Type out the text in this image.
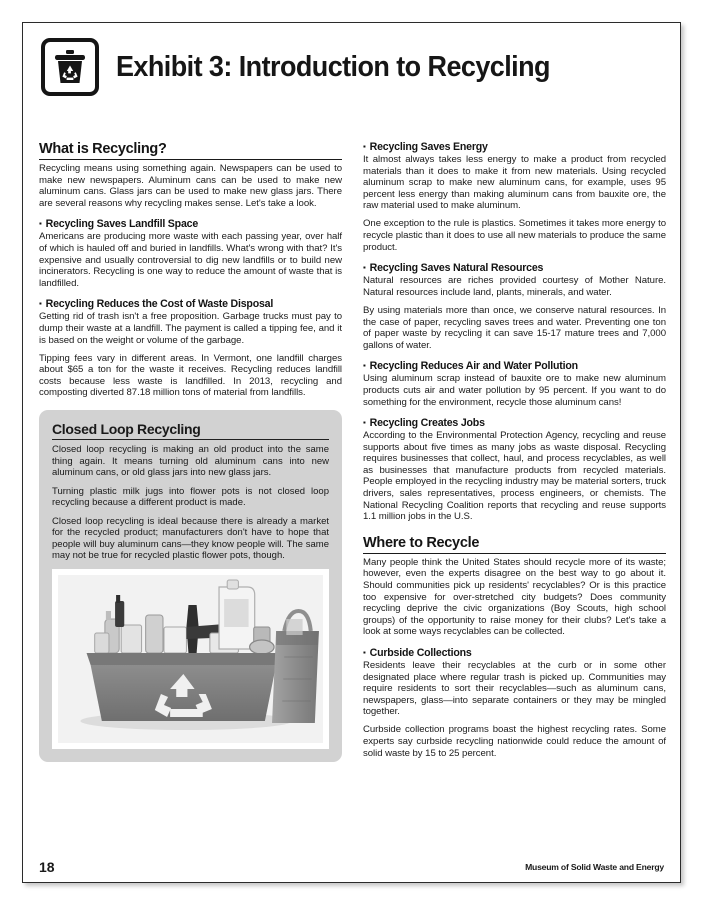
Exhibit 3: Introduction to Recycling
What is Recycling?

Recycling means using something again. Newspapers can be used to make new newspapers. Aluminum cans can be used to make new aluminum cans. Glass jars can be used to make new glass jars. There are several reasons why recycling makes sense. Let's take a look.

▪ Recycling Saves Landfill Space

Americans are producing more waste with each passing year, over half of which is hauled off and buried in landfills. What's wrong with that? It's expensive and usually controversial to dig new landfills or to build new incinerators. Recycling is one way to reduce the amount of waste that is landfilled.

▪ Recycling Reduces the Cost of Waste Disposal

Getting rid of trash isn't a free proposition. Garbage trucks must pay to dump their waste at a landfill. The payment is called a tipping fee, and it is based on the weight or volume of the garbage.

Tipping fees vary in different areas. In Vermont, one landfill charges about $65 a ton for the waste it receives. Recycling reduces landfill costs because less waste is landfilled. In 2013, recycling and composting diverted 87.18 million tons of material from landfills.

Closed Loop Recycling

Closed loop recycling is making an old product into the same thing again. It means turning old aluminum cans into new aluminum cans, or old glass jars into new glass jars.

Turning plastic milk jugs into flower pots is not closed loop recycling because a different product is made.

Closed loop recycling is ideal because there is already a market for the recycled product; manufacturers don't have to hope that people will buy aluminum cans—they know people will. The same may not be true for recycled plastic flower pots, though.

▪ Recycling Saves Energy

It almost always takes less energy to make a product from recycled materials than it does to make it from new materials. Using recycled aluminum scrap to make new aluminum cans, for example, uses 95 percent less energy than making aluminum cans from bauxite ore, the raw material used to make aluminum.

One exception to the rule is plastics. Sometimes it takes more energy to recycle plastic than it does to use all new materials to produce the same product.

▪ Recycling Saves Natural Resources

Natural resources are riches provided courtesy of Mother Nature. Natural resources include land, plants, minerals, and water.

By using materials more than once, we conserve natural resources. In the case of paper, recycling saves trees and water. Preventing one ton of paper waste by recycling it can save 15-17 mature trees and 7,000 gallons of water.

▪ Recycling Reduces Air and Water Pollution

Using aluminum scrap instead of bauxite ore to make new aluminum products cuts air and water pollution by 95 percent. If you want to do something for the environment, recycle those aluminum cans!

▪ Recycling Creates Jobs

According to the Environmental Protection Agency, recycling and reuse supports about five times as many jobs as waste disposal. Recycling requires businesses that collect, haul, and process recyclables, as well as businesses that manufacture products from recycled materials. People employed in the recycling industry may be material sorters, truck drivers, sales representatives, process engineers, or chemists. The National Recycling Coalition reports that recycling and reuse supports 1.1 million jobs in the U.S.

Where to Recycle

Many people think the United States should recycle more of its waste; however, even the experts disagree on the best way to go about it. Should communities pick up residents' recyclables? Or is this practice too expensive for over-stretched city budgets? Does community recycling deprive the civic organizations (Boy Scouts, high school groups) of the opportunity to raise money for their clubs? Let's take a look at some ways recyclables can be collected.

▪ Curbside Collections

Residents leave their recyclables at the curb or in some other designated place where regular trash is picked up. Communities may require residents to sort their recyclables—such as aluminum cans, newspapers, glass—into separate containers or they may be mingled together.

Curbside collection programs boast the highest recycling rates. Some experts say curbside recycling nationwide could reduce the amount of solid waste by 15 to 25 percent.

18	Museum of Solid Waste and Energy
